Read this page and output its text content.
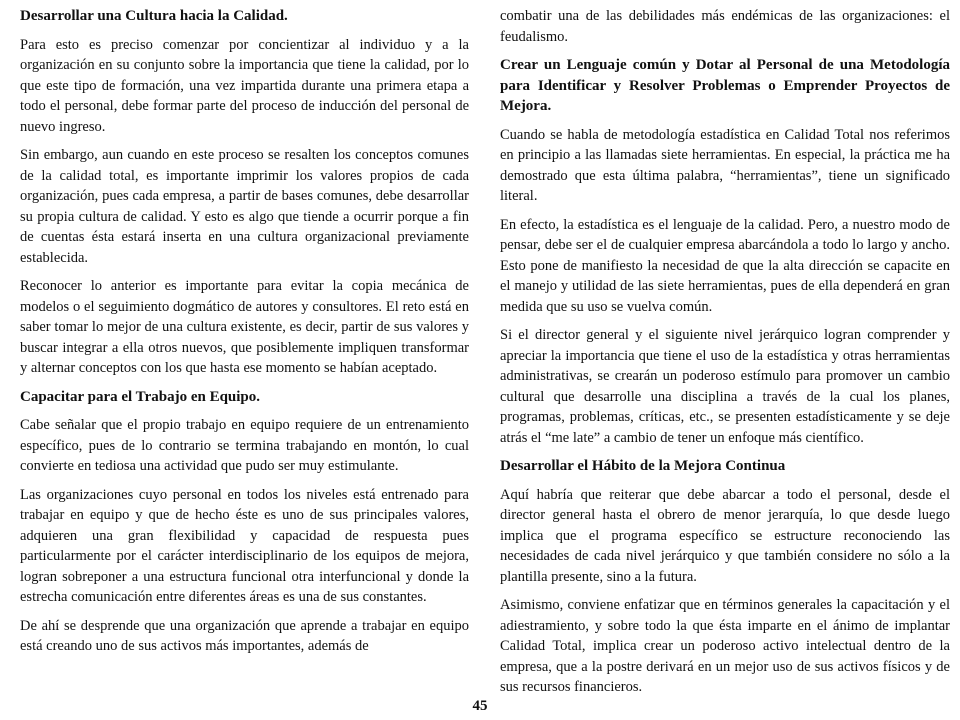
Desarrollar una Cultura hacia la Calidad.

Para esto es preciso comenzar por concientizar al individuo y a la organización en su conjunto sobre la importancia que tiene la calidad, por lo que este tipo de formación, una vez impartida durante una primera etapa a todo el personal, debe formar parte del proceso de inducción del personal de nuevo ingreso.

Sin embargo, aun cuando en este proceso se resalten los conceptos comunes de la calidad total, es importante imprimir los valores propios de cada organización, pues cada empresa, a partir de bases comunes, debe desarrollar su propia cultura de calidad. Y esto es algo que tiende a ocurrir porque a fin de cuentas ésta estará inserta en una cultura organizacional previamente establecida.

Reconocer lo anterior es importante para evitar la copia mecánica de modelos o el seguimiento dogmático de autores y consultores. El reto está en saber tomar lo mejor de una cultura existente, es decir, partir de sus valores y buscar integrar a ella otros nuevos, que posiblemente impliquen transformar y alternar conceptos con los que hasta ese momento se habían aceptado.

Capacitar para el Trabajo en Equipo.

Cabe señalar que el propio trabajo en equipo requiere de un entrenamiento específico, pues de lo contrario se termina trabajando en montón, lo cual convierte en tediosa una actividad que pudo ser muy estimulante.

Las organizaciones cuyo personal en todos los niveles está entrenado para trabajar en equipo y que de hecho éste es uno de sus principales valores, adquieren una gran flexibilidad y capacidad de respuesta pues particularmente por el carácter interdisciplinario de los equipos de mejora, logran sobreponer a una estructura funcional otra interfuncional y donde la estrecha comunicación entre diferentes áreas es una de sus constantes.

De ahí se desprende que una organización que aprende a trabajar en equipo está creando uno de sus activos más importantes, además de

combatir una de las debilidades más endémicas de las organizaciones: el feudalismo.

Crear un Lenguaje común y Dotar al Personal de una Metodología para Identificar y Resolver Problemas o Emprender Proyectos de Mejora.

Cuando se habla de metodología estadística en Calidad Total nos referimos en principio a las llamadas siete herramientas. En especial, la práctica me ha demostrado que esta última palabra, “herramientas”, tiene un significado literal.

En efecto, la estadística es el lenguaje de la calidad. Pero, a nuestro modo de pensar, debe ser el de cualquier empresa abarcándola a todo lo largo y ancho. Esto pone de manifiesto la necesidad de que la alta dirección se capacite en el manejo y utilidad de las siete herramientas, pues de ella dependerá en gran medida que su uso se vuelva común.

Si el director general y el siguiente nivel jerárquico logran comprender y apreciar la importancia que tiene el uso de la estadística y otras herramientas administrativas, se crearán un poderoso estímulo para promover un cambio cultural que desarrolle una disciplina a través de la cual los planes, programas, problemas, críticas, etc., se presenten estadísticamente y se deje atrás el “me late” a cambio de tener un enfoque más científico.

Desarrollar el Hábito de la Mejora Continua

Aquí habría que reiterar que debe abarcar a todo el personal, desde el director general hasta el obrero de menor jerarquía, lo que desde luego implica que el programa específico se estructure reconociendo las necesidades de cada nivel jerárquico y que también considere no sólo a la plantilla presente, sino a la futura.

Asimismo, conviene enfatizar que en términos generales la capacitación y el adiestramiento, y sobre todo la que ésta imparte en el ánimo de implantar Calidad Total, implica crear un poderoso activo intelectual dentro de la empresa, que a la postre derivará en un mejor uso de sus activos físicos y de sus recursos financieros.

45
